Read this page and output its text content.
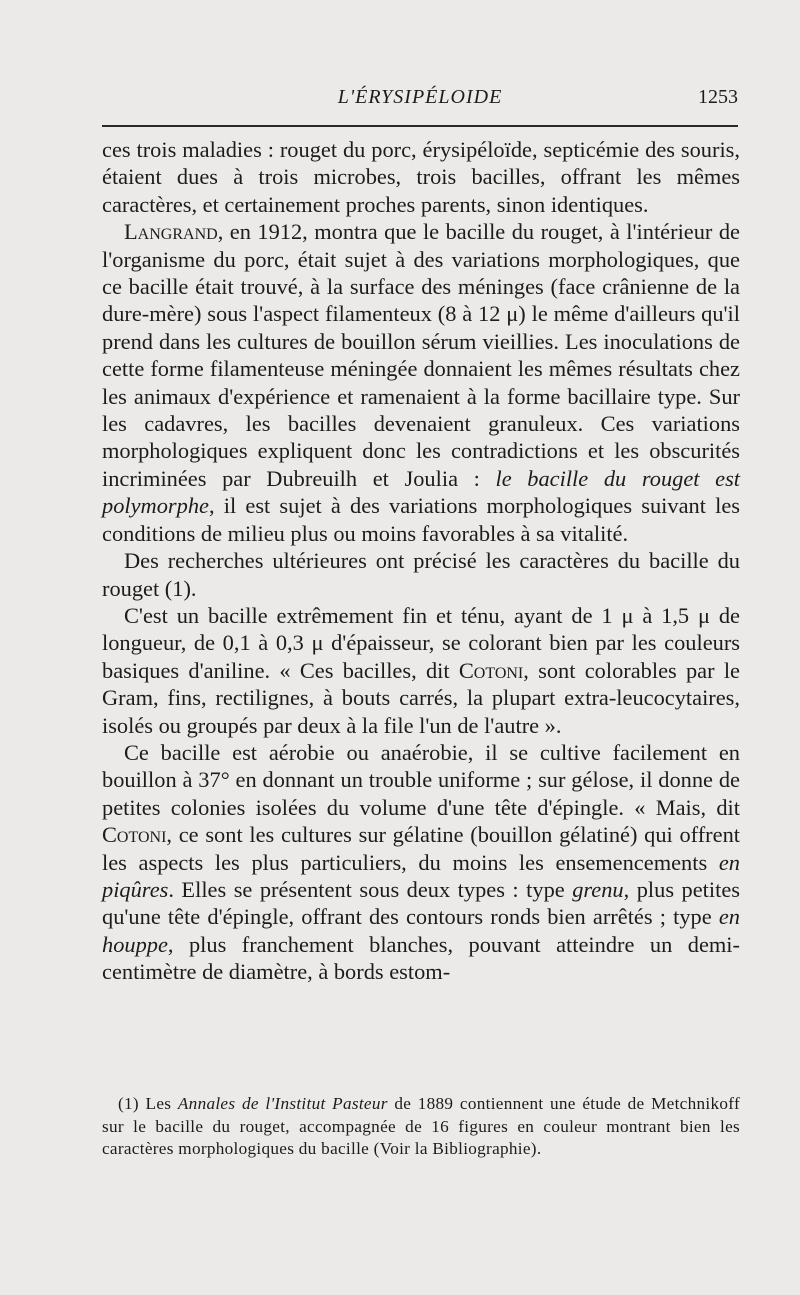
L'ÉRYSIPÉLOIDE	1253

ces trois maladies : rouget du porc, érysipéloïde, septicémie des souris, étaient dues à trois microbes, trois bacilles, offrant les mêmes caractères, et certainement proches parents, sinon identiques.

Langrand, en 1912, montra que le bacille du rouget, à l'intérieur de l'organisme du porc, était sujet à des variations morphologiques, que ce bacille était trouvé, à la surface des méninges (face crânienne de la dure-mère) sous l'aspect filamenteux (8 à 12 μ) le même d'ailleurs qu'il prend dans les cultures de bouillon sérum vieillies. Les inoculations de cette forme filamenteuse méningée donnaient les mêmes résultats chez les animaux d'expérience et ramenaient à la forme bacillaire type. Sur les cadavres, les bacilles devenaient granuleux. Ces variations morphologiques expliquent donc les contradictions et les obscurités incriminées par Dubreuilh et Joulia : le bacille du rouget est polymorphe, il est sujet à des variations morphologiques suivant les conditions de milieu plus ou moins favorables à sa vitalité.

Des recherches ultérieures ont précisé les caractères du bacille du rouget (1).

C'est un bacille extrêmement fin et ténu, ayant de 1 μ à 1,5 μ de longueur, de 0,1 à 0,3 μ d'épaisseur, se colorant bien par les couleurs basiques d'aniline. « Ces bacilles, dit Cotoni, sont colorables par le Gram, fins, rectilignes, à bouts carrés, la plupart extra-leucocytaires, isolés ou groupés par deux à la file l'un de l'autre ».

Ce bacille est aérobie ou anaérobie, il se cultive facilement en bouillon à 37° en donnant un trouble uniforme ; sur gélose, il donne de petites colonies isolées du volume d'une tête d'épingle. « Mais, dit Cotoni, ce sont les cultures sur gélatine (bouillon gélatiné) qui offrent les aspects les plus particuliers, du moins les ensemencements en piqûres. Elles se présentent sous deux types : type grenu, plus petites qu'une tête d'épingle, offrant des contours ronds bien arrêtés ; type en houppe, plus franchement blanches, pouvant atteindre un demi-centimètre de diamètre, à bords estom-

(1) Les Annales de l'Institut Pasteur de 1889 contiennent une étude de Metchnikoff sur le bacille du rouget, accompagnée de 16 figures en couleur montrant bien les caractères morphologiques du bacille (Voir la Bibliographie).
